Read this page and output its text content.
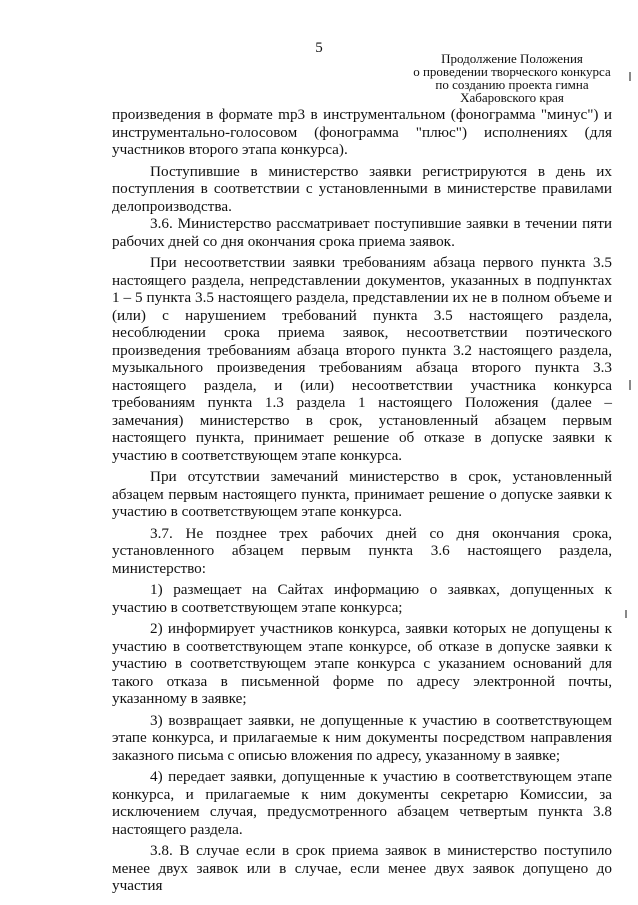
5
Продолжение Положения
о проведении творческого конкурса
по созданию проекта гимна
Хабаровского края

произведения в формате mp3 в инструментальном (фонограмма "минус") и инструментально-голосовом (фонограмма "плюс") исполнениях (для участников второго этапа конкурса).

Поступившие в министерство заявки регистрируются в день их поступления в соответствии с установленными в министерстве правилами делопроизводства.

3.6. Министерство рассматривает поступившие заявки в течении пяти рабочих дней со дня окончания срока приема заявок.

При несоответствии заявки требованиям абзаца первого пункта 3.5 настоящего раздела, непредставлении документов, указанных в подпунктах 1 – 5 пункта 3.5 настоящего раздела, представлении их не в полном объеме и (или) с нарушением требований пункта 3.5 настоящего раздела, несоблюдении срока приема заявок, несоответствии поэтического произведения требованиям абзаца второго пункта 3.2 настоящего раздела, музыкального произведения требованиям абзаца второго пункта 3.3 настоящего раздела, и (или) несоответствии участника конкурса требованиям пункта 1.3 раздела 1 настоящего Положения (далее – замечания) министерство в срок, установленный абзацем первым настоящего пункта, принимает решение об отказе в допуске заявки к участию в соответствующем этапе конкурса.

При отсутствии замечаний министерство в срок, установленный абзацем первым настоящего пункта, принимает решение о допуске заявки к участию в соответствующем этапе конкурса.

3.7. Не позднее трех рабочих дней со дня окончания срока, установленного абзацем первым пункта 3.6 настоящего раздела, министерство:

1) размещает на Сайтах информацию о заявках, допущенных к участию в соответствующем этапе конкурса;

2) информирует участников конкурса, заявки которых не допущены к участию в соответствующем этапе конкурсе, об отказе в допуске заявки к участию в соответствующем этапе конкурса с указанием оснований для такого отказа в письменной форме по адресу электронной почты, указанному в заявке;

3) возвращает заявки, не допущенные к участию в соответствующем этапе конкурса, и прилагаемые к ним документы посредством направления заказного письма с описью вложения по адресу, указанному в заявке;

4) передает заявки, допущенные к участию в соответствующем этапе конкурса, и прилагаемые к ним документы секретарю Комиссии, за исключением случая, предусмотренного абзацем четвертым пункта 3.8 настоящего раздела.

3.8. В случае если в срок приема заявок в министерство поступило менее двух заявок или в случае, если менее двух заявок допущено до участия
